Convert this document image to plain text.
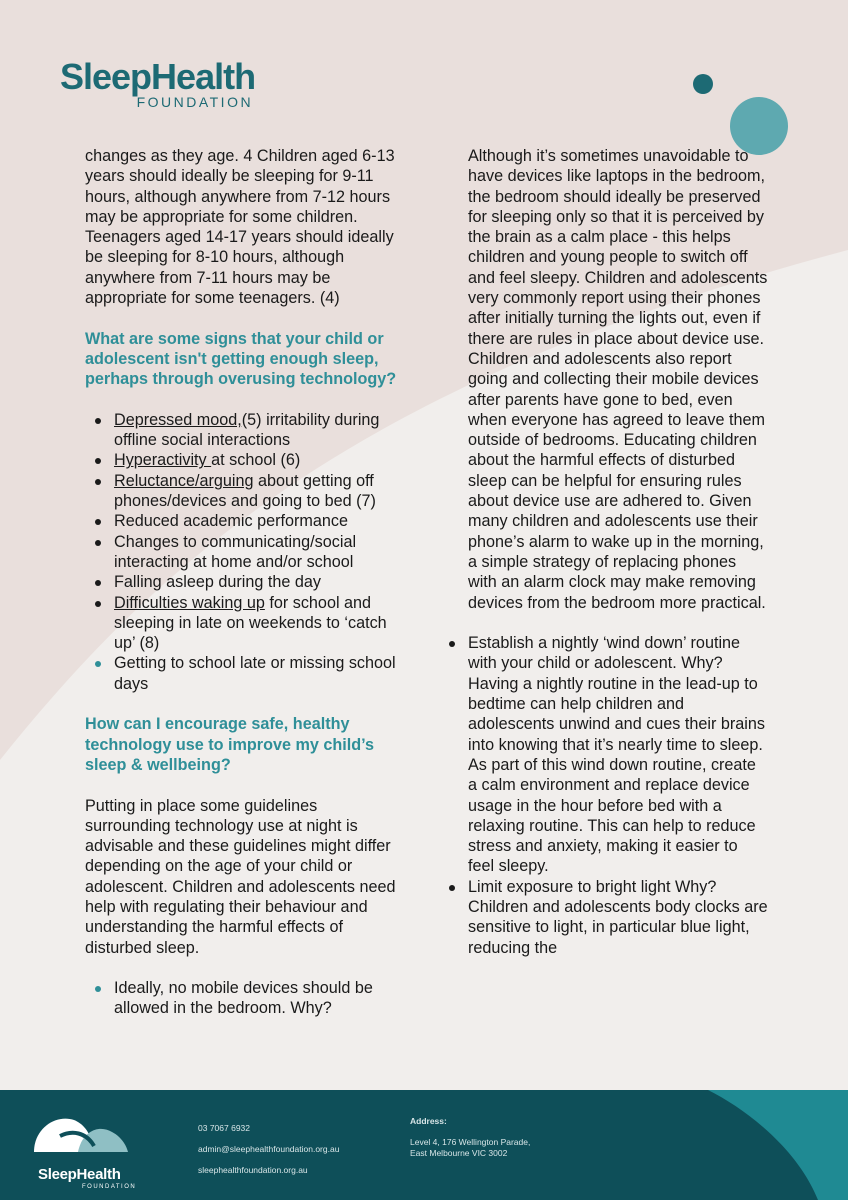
SleepHealth
FOUNDATION

changes as they age. 4 Children aged 6-13 years should ideally be sleeping for 9-11 hours, although anywhere from 7-12 hours may be appropriate for some children. Teenagers aged 14-17 years should ideally be sleeping for 8-10 hours, although anywhere from 7-11 hours may be appropriate for some teenagers. (4)

What are some signs that your child or adolescent isn't getting enough sleep, perhaps through overusing technology?
Depressed mood,(5) irritability during offline social interactions
Hyperactivity at school (6)
Reluctance/arguing about getting off phones/devices and going to bed (7)
Reduced academic performance
Changes to communicating/social interacting at home and/or school
Falling asleep during the day
Difficulties waking up for school and sleeping in late on weekends to ‘catch up’ (8)
Getting to school late or missing school days
How can I encourage safe, healthy technology use to improve my child’s sleep & wellbeing?

Putting in place some guidelines surrounding technology use at night is advisable and these guidelines might differ depending on the age of your child or adolescent. Children and adolescents need help with regulating their behaviour and understanding the harmful effects of disturbed sleep.

Ideally, no mobile devices should be allowed in the bedroom. Why?

Although it’s sometimes unavoidable to have devices like laptops in the bedroom, the bedroom should ideally be preserved for sleeping only so that it is perceived by the brain as a calm place - this helps children and young people to switch off and feel sleepy. Children and adolescents very commonly report using their phones after initially turning the lights out, even if there are rules in place about device use. Children and adolescents also report going and collecting their mobile devices after parents have gone to bed, even when everyone has agreed to leave them outside of bedrooms. Educating children about the harmful effects of disturbed sleep can be helpful for ensuring rules about device use are adhered to. Given many children and adolescents use their phone’s alarm to wake up in the morning, a simple strategy of replacing phones with an alarm clock may make removing devices from the bedroom more practical.

Establish a nightly ‘wind down’ routine with your child or adolescent. Why? Having a nightly routine in the lead-up to bedtime can help children and adolescents unwind and cues their brains into knowing that it’s nearly time to sleep. As part of this wind down routine, create a calm environment and replace device usage in the hour before bed with a relaxing routine. This can help to reduce stress and anxiety, making it easier to feel sleepy.
Limit exposure to bright light Why? Children and adolescents body clocks are sensitive to light, in particular blue light, reducing the
SleepHealth
FOUNDATION
03 7067 6932
admin@sleephealthfoundation.org.au
sleephealthfoundation.org.au
Address:
Level 4, 176 Wellington Parade,
East Melbourne VIC 3002
